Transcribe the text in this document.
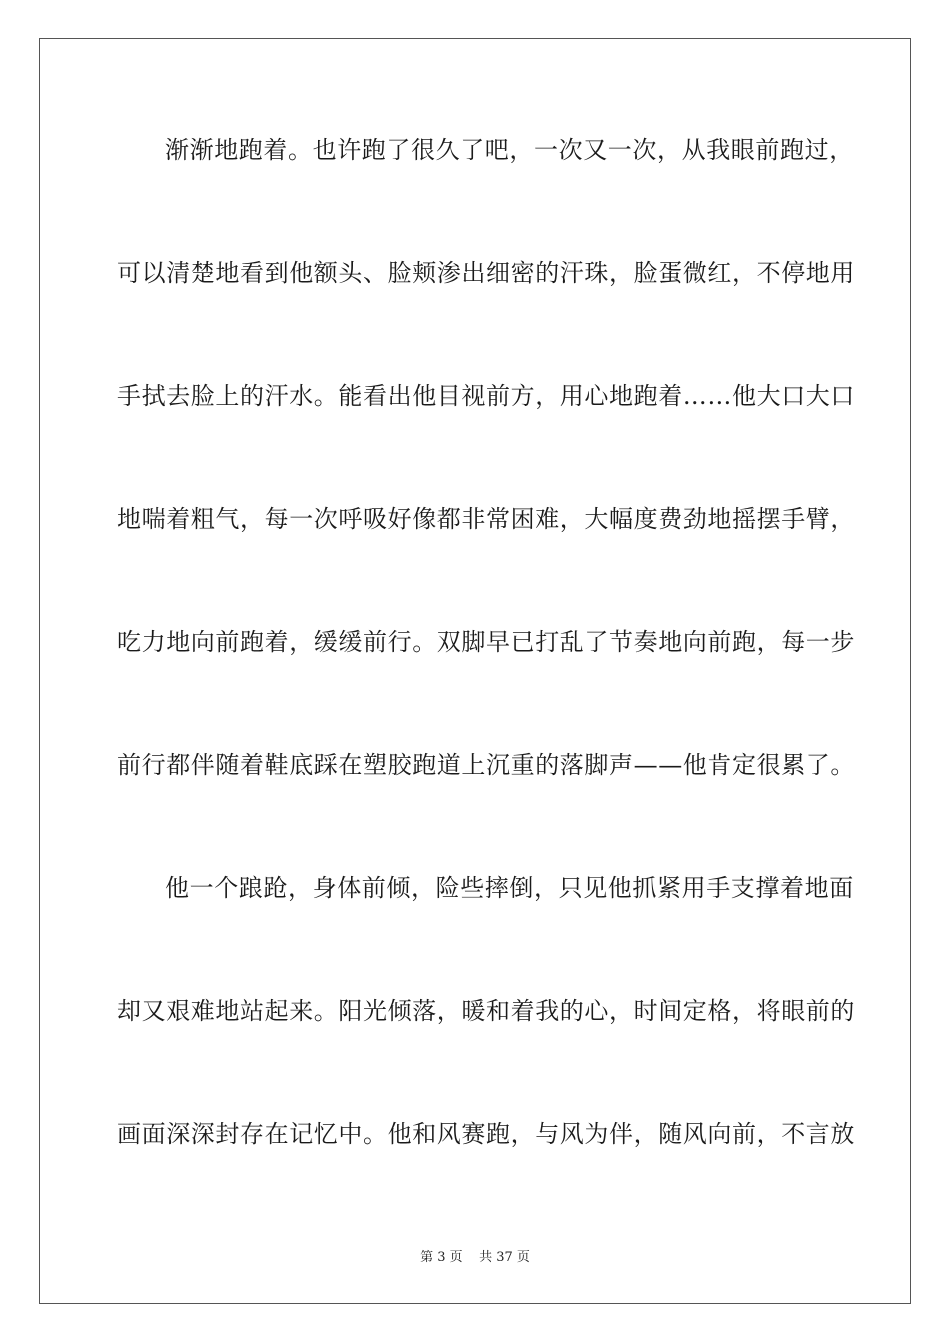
渐渐地跑着。也许跑了很久了吧，一次又一次，从我眼前跑过，
可以清楚地看到他额头、脸颊渗出细密的汗珠，脸蛋微红，不停地用
手拭去脸上的汗水。能看出他目视前方，用心地跑着……他大口大口
地喘着粗气，每一次呼吸好像都非常困难，大幅度费劲地摇摆手臂，
吃力地向前跑着，缓缓前行。双脚早已打乱了节奏地向前跑，每一步
前行都伴随着鞋底踩在塑胶跑道上沉重的落脚声——他肯定很累了。
他一个踉跄，身体前倾，险些摔倒，只见他抓紧用手支撑着地面
却又艰难地站起来。阳光倾落，暖和着我的心，时间定格，将眼前的
画面深深封存在记忆中。他和风赛跑，与风为伴，随风向前，不言放
第 3 页    共 37 页
